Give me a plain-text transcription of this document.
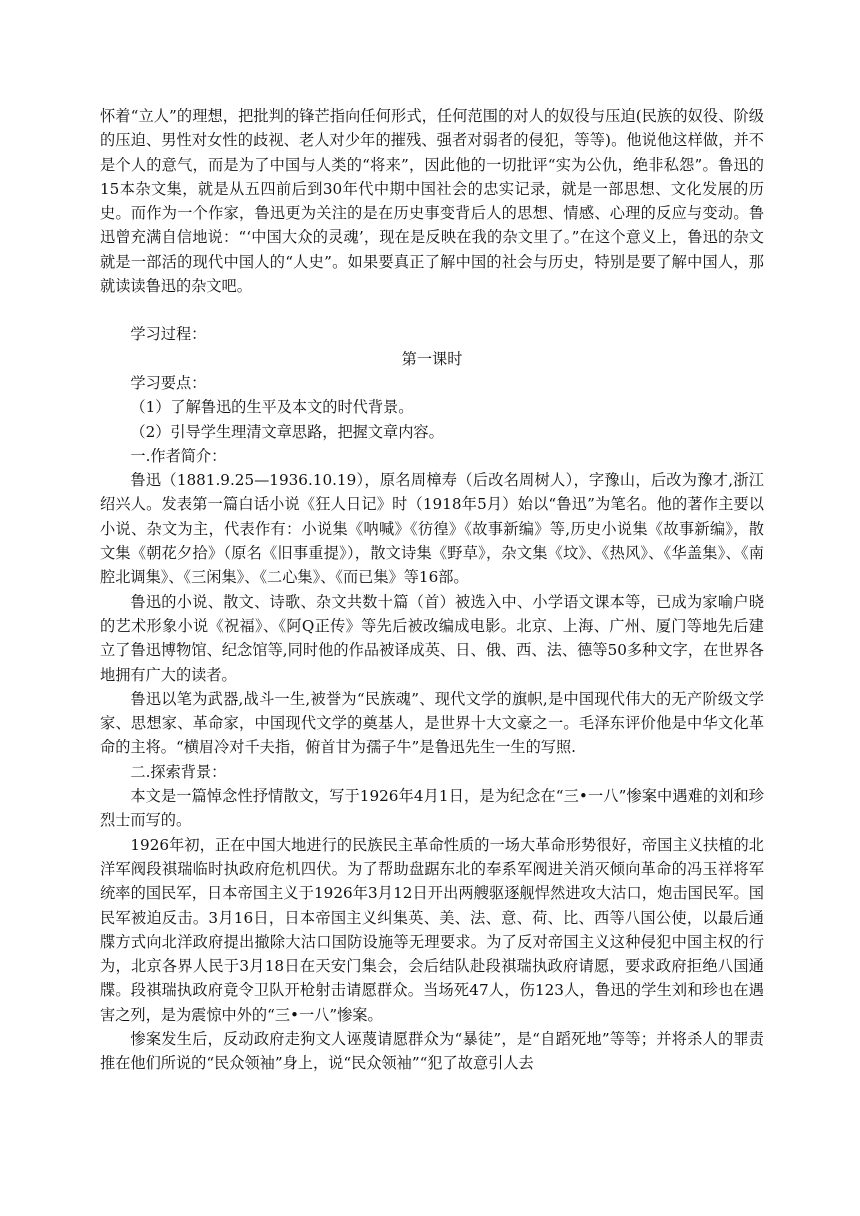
怀着“立人”的理想，把批判的锋芒指向任何形式，任何范围的对人的奴役与压迫(民族的奴役、阶级的压迫、男性对女性的歧视、老人对少年的摧残、强者对弱者的侵犯，等等)。他说他这样做，并不是个人的意气，而是为了中国与人类的“将来”，因此他的一切批评“实为公仇，绝非私怨”。鲁迅的15本杂文集，就是从五四前后到30年代中期中国社会的忠实记录，就是一部思想、文化发展的历史。而作为一个作家，鲁迅更为关注的是在历史事变背后人的思想、情感、心理的反应与变动。鲁迅曾充满自信地说：“‘中国大众的灵魂’，现在是反映在我的杂文里了。”在这个意义上，鲁迅的杂文就是一部活的现代中国人的“人史”。如果要真正了解中国的社会与历史，特别是要了解中国人，那就读读鲁迅的杂文吧。

学习过程：

第一课时

学习要点：

（1）了解鲁迅的生平及本文的时代背景。

（2）引导学生理清文章思路，把握文章内容。

一.作者简介：

鲁迅（1881.9.25—1936.10.19），原名周樟寿（后改名周树人），字豫山，后改为豫才,浙江绍兴人。发表第一篇白话小说《狂人日记》时（1918年5月）始以“鲁迅”为笔名。他的著作主要以小说、杂文为主，代表作有：小说集《呐喊》《彷徨》《故事新编》等,历史小说集《故事新编》，散文集《朝花夕拾》（原名《旧事重提》），散文诗集《野草》，杂文集《坟》、《热风》、《华盖集》、《南腔北调集》、《三闲集》、《二心集》、《而已集》等16部。

鲁迅的小说、散文、诗歌、杂文共数十篇（首）被选入中、小学语文课本等，已成为家喻户晓的艺术形象小说《祝福》、《阿Q正传》等先后被改编成电影。北京、上海、广州、厦门等地先后建立了鲁迅博物馆、纪念馆等,同时他的作品被译成英、日、俄、西、法、德等50多种文字，在世界各地拥有广大的读者。

鲁迅以笔为武器,战斗一生,被誉为“民族魂”、现代文学的旗帜,是中国现代伟大的无产阶级文学家、思想家、革命家，中国现代文学的奠基人，是世界十大文豪之一。毛泽东评价他是中华文化革命的主将。“横眉冷对千夫指，俯首甘为孺子牛”是鲁迅先生一生的写照.

二.探索背景：

本文是一篇悼念性抒情散文，写于1926年4月1日，是为纪念在“三•一八”惨案中遇难的刘和珍烈士而写的。

1926年初，正在中国大地进行的民族民主革命性质的一场大革命形势很好，帝国主义扶植的北洋军阀段祺瑞临时执政府危机四伏。为了帮助盘踞东北的奉系军阀进关消灭倾向革命的冯玉祥将军统率的国民军，日本帝国主义于1926年3月12日开出两艘驱逐舰悍然进攻大沽口，炮击国民军。国民军被迫反击。3月16日，日本帝国主义纠集英、美、法、意、荷、比、西等八国公使，以最后通牒方式向北洋政府提出撤除大沽口国防设施等无理要求。为了反对帝国主义这种侵犯中国主权的行为，北京各界人民于3月18日在天安门集会，会后结队赴段祺瑞执政府请愿，要求政府拒绝八国通牒。段祺瑞执政府竟令卫队开枪射击请愿群众。当场死47人，伤123人，鲁迅的学生刘和珍也在遇害之列，是为震惊中外的“三•一八”惨案。

惨案发生后，反动政府走狗文人诬蔑请愿群众为“暴徒”，是“自蹈死地”等等；并将杀人的罪责推在他们所说的“民众领袖”身上，说“民众领袖”“犯了故意引人去
